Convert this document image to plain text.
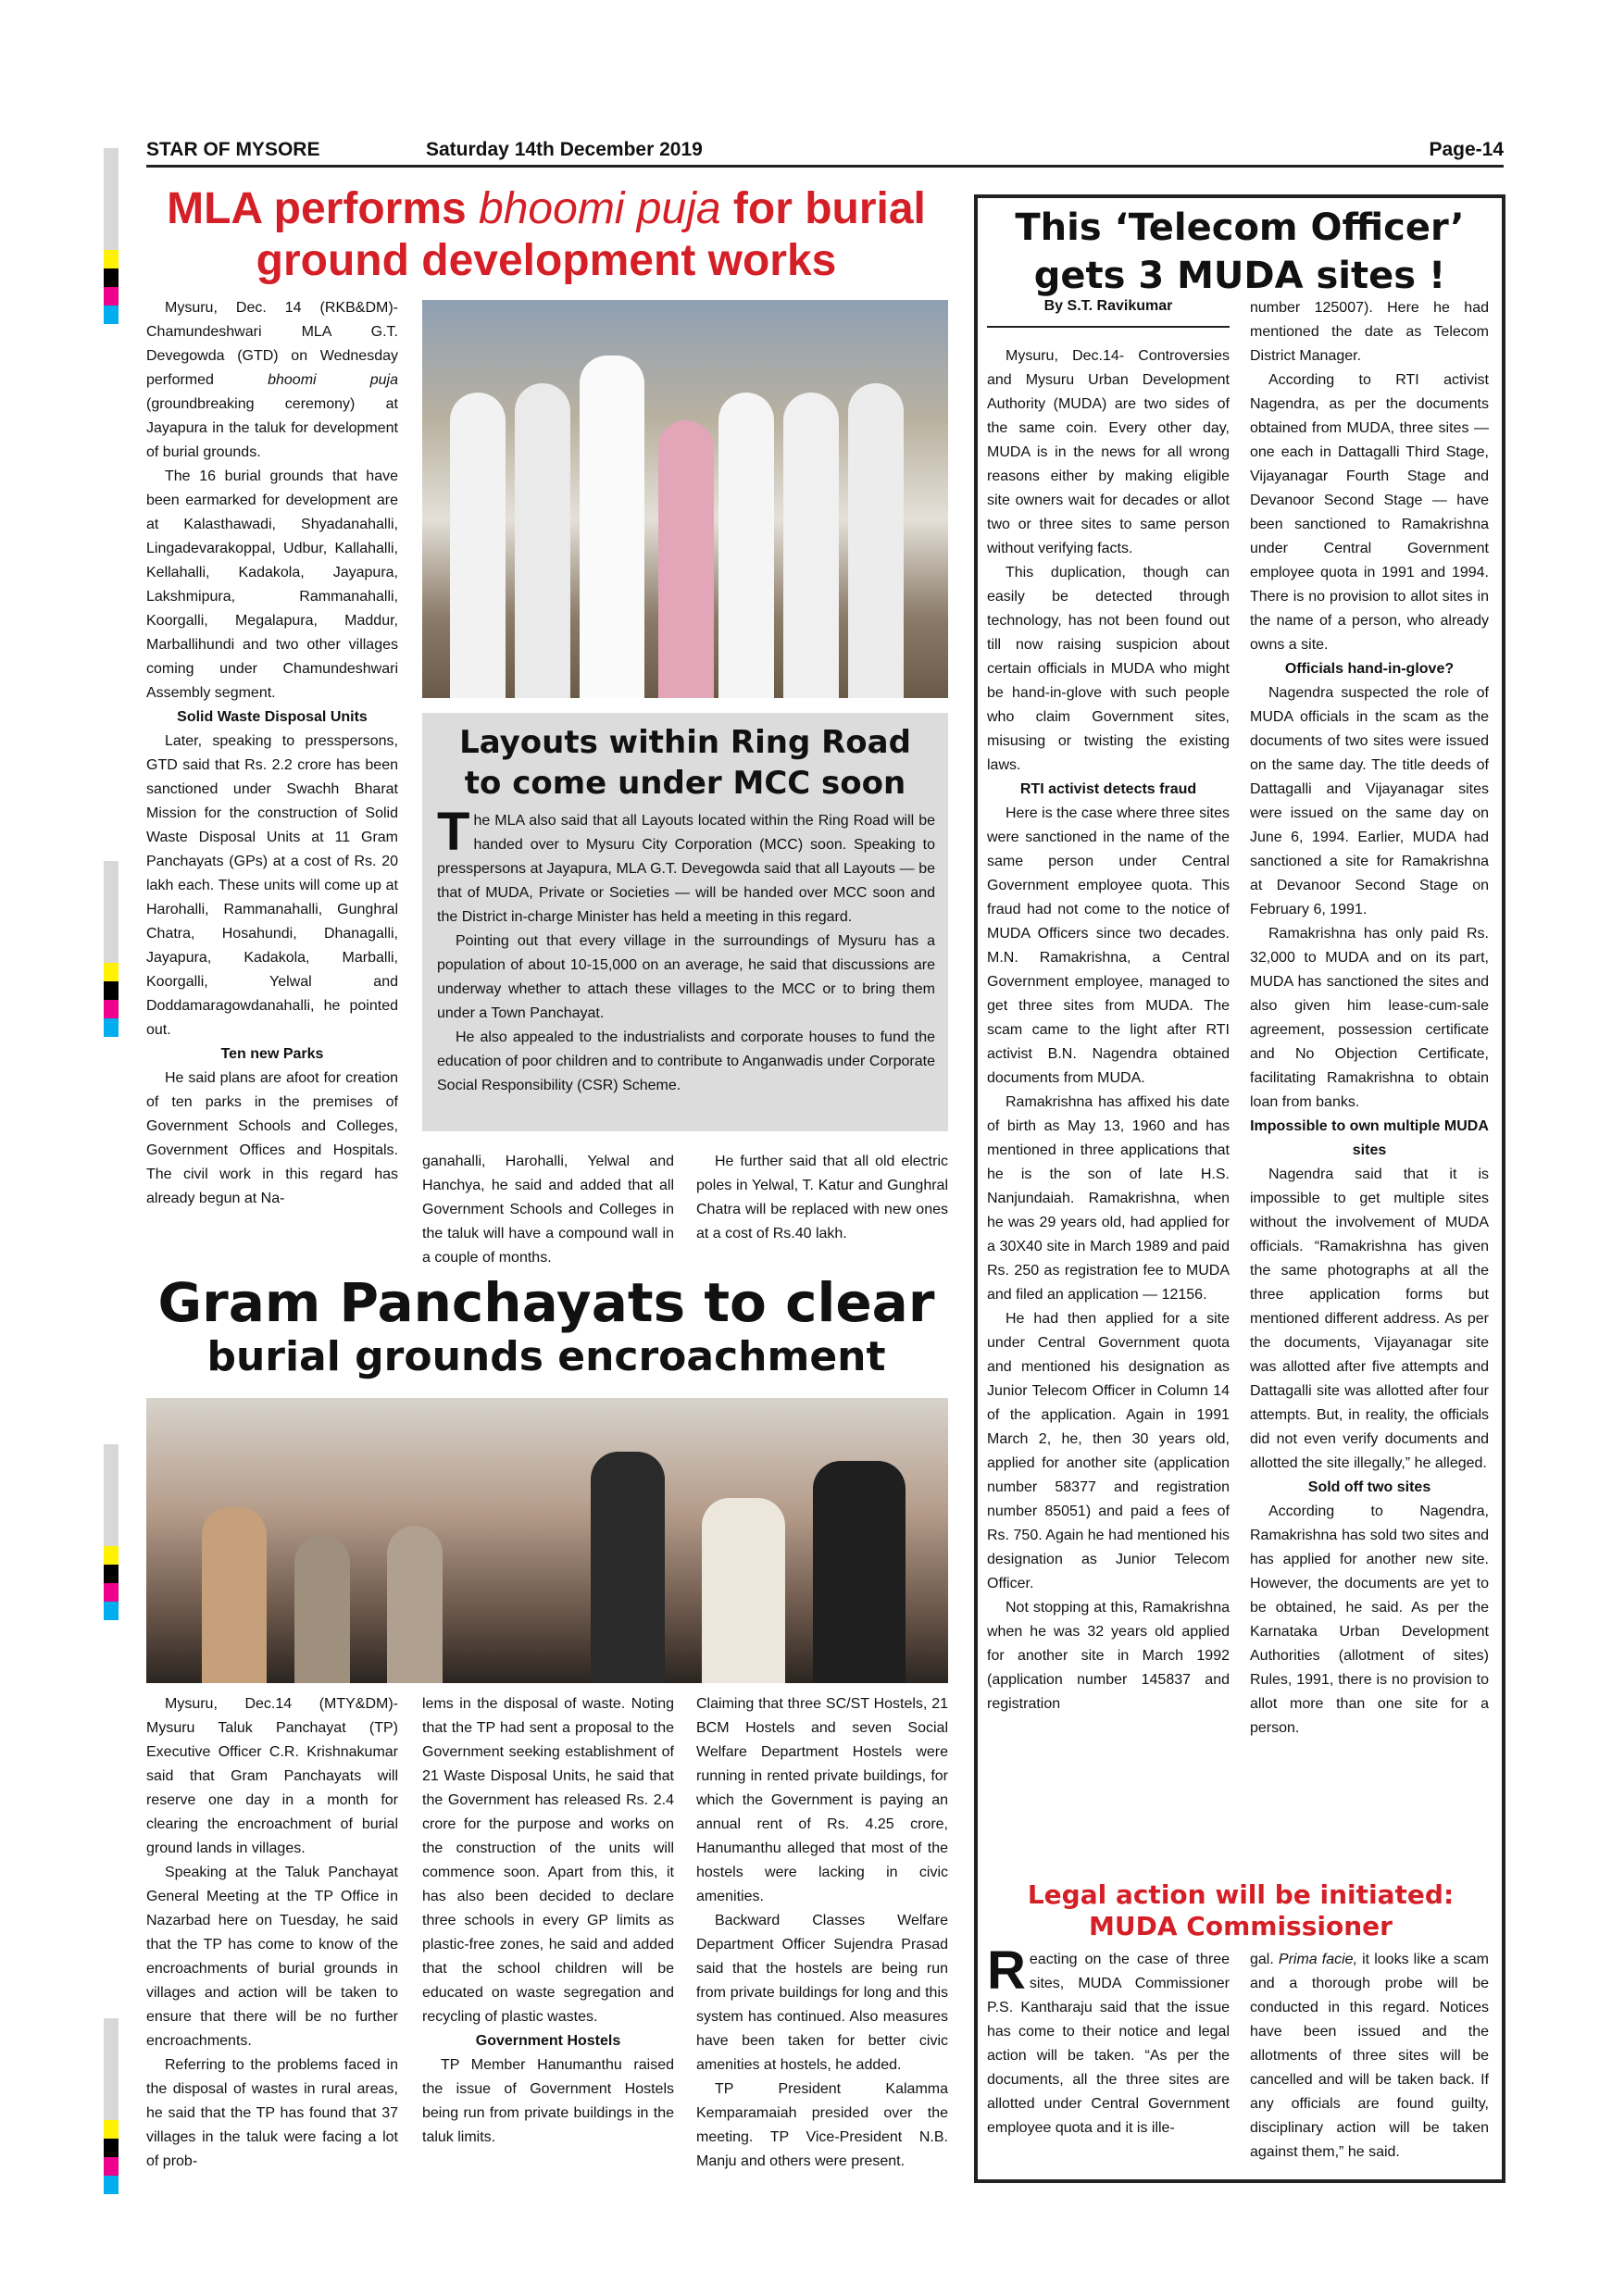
STAR OF MYSORE	Saturday 14th December 2019	Page-14
MLA performs bhoomi puja for burial
ground development works

Mysuru, Dec. 14 (RKB&DM)- Chamundeshwari MLA G.T. Devegowda (GTD) on Wednesday performed bhoomi puja (groundbreaking ceremony) at Jayapura in the taluk for development of burial grounds.

The 16 burial grounds that have been earmarked for development are at Kalasthawadi, Shyadanahalli, Lingadevarakoppal, Udbur, Kallahalli, Kellahalli, Kadakola, Jayapura, Lakshmipura, Rammanahalli, Koorgalli, Megalapura, Maddur, Marballihundi and two other villages coming under Chamundeshwari Assembly segment.

Solid Waste Disposal Units

Later, speaking to presspersons, GTD said that Rs. 2.2 crore has been sanctioned under Swachh Bharat Mission for the construction of Solid Waste Disposal Units at 11 Gram Panchayats (GPs) at a cost of Rs. 20 lakh each. These units will come up at Harohalli, Rammanahalli, Gunghral Chatra, Hosahundi, Dhanagalli, Jayapura, Kadakola, Marballi, Koorgalli, Yelwal and Doddamaragowdanahalli, he pointed out.

Ten new Parks

He said plans are afoot for creation of ten parks in the premises of Government Schools and Colleges, Government Offices and Hospitals. The civil work in this regard has already begun at Na-

Layouts within Ring Road
to come under MCC soon
T he MLA also said that all Layouts located within the Ring Road will be handed over to Mysuru City Corporation (MCC) soon. Speaking to presspersons at Jayapura, MLA G.T. Devegowda said that all Layouts — be that of MUDA, Private or Societies — will be handed over MCC soon and the District in-charge Minister has held a meeting in this regard.

Pointing out that every village in the surroundings of Mysuru has a population of about 10-15,000 on an average, he said that discussions are underway whether to attach these villages to the MCC or to bring them under a Town Panchayat.

He also appealed to the industrialists and corporate houses to fund the education of poor children and to contribute to Anganwadis under Corporate Social Responsibility (CSR) Scheme.

ganahalli, Harohalli, Yelwal and Hanchya, he said and added that all Government Schools and Colleges in the taluk will have a compound wall in a couple of months.

He further said that all old electric poles in Yelwal, T. Katur and Gunghral Chatra will be replaced with new ones at a cost of Rs.40 lakh.

Gram Panchayats to clear
burial grounds encroachment

Mysuru, Dec.14 (MTY&DM)- Mysuru Taluk Panchayat (TP) Executive Officer C.R. Krishnakumar said that Gram Panchayats will reserve one day in a month for clearing the encroachment of burial ground lands in villages.

Speaking at the Taluk Panchayat General Meeting at the TP Office in Nazarbad here on Tuesday, he said that the TP has come to know of the encroachments of burial grounds in villages and action will be taken to ensure that there will be no further encroachments.

Referring to the problems faced in the disposal of wastes in rural areas, he said that the TP has found that 37 villages in the taluk were facing a lot of prob-

lems in the disposal of waste. Noting that the TP had sent a proposal to the Government seeking establishment of 21 Waste Disposal Units, he said that the Government has released Rs. 2.4 crore for the purpose and works on the construction of the units will commence soon. Apart from this, it has also been decided to declare three schools in every GP limits as plastic-free zones, he said and added that the school children will be educated on waste segregation and recycling of plastic wastes.

Government Hostels

TP Member Hanumanthu raised the issue of Government Hostels being run from private buildings in the taluk limits.

Claiming that three SC/ST Hostels, 21 BCM Hostels and seven Social Welfare Department Hostels were running in rented private buildings, for which the Government is paying an annual rent of Rs. 4.25 crore, Hanumanthu alleged that most of the hostels were lacking in civic amenities.

Backward Classes Welfare Department Officer Sujendra Prasad said that the hostels are being run from private buildings for long and this system has continued. Also measures have been taken for better civic amenities at hostels, he added.

TP President Kalamma Kemparamaiah presided over the meeting. TP Vice-President N.B. Manju and others were present.

This ‘Telecom Officer’
gets 3 MUDA sites !
By S.T. Ravikumar

Mysuru, Dec.14- Controversies and Mysuru Urban Development Authority (MUDA) are two sides of the same coin. Every other day, MUDA is in the news for all wrong reasons either by making eligible site owners wait for decades or allot two or three sites to same person without verifying facts.

This duplication, though can easily be detected through technology, has not been found out till now raising suspicion about certain officials in MUDA who might be hand-in-glove with such people who claim Government sites, misusing or twisting the existing laws.

RTI activist detects fraud

Here is the case where three sites were sanctioned in the name of the same person under Central Government employee quota. This fraud had not come to the notice of MUDA Officers since two decades. M.N. Ramakrishna, a Central Government employee, managed to get three sites from MUDA. The scam came to the light after RTI activist B.N. Nagendra obtained documents from MUDA.

Ramakrishna has affixed his date of birth as May 13, 1960 and has mentioned in three applications that he is the son of late H.S. Nanjundaiah. Ramakrishna, when he was 29 years old, had applied for a 30X40 site in March 1989 and paid Rs. 250 as registration fee to MUDA and filed an application — 12156.

He had then applied for a site under Central Government quota and mentioned his designation as Junior Telecom Officer in Column 14 of the application. Again in 1991 March 2, he, then 30 years old, applied for another site (application number 58377 and registration number 85051) and paid a fees of Rs. 750. Again he had mentioned his designation as Junior Telecom Officer.

Not stopping at this, Ramakrishna when he was 32 years old applied for another site in March 1992 (application number 145837 and registration

number 125007). Here he had mentioned the date as Telecom District Manager.

According to RTI activist Nagendra, as per the documents obtained from MUDA, three sites — one each in Dattagalli Third Stage, Vijayanagar Fourth Stage and Devanoor Second Stage — have been sanctioned to Ramakrishna under Central Government employee quota in 1991 and 1994. There is no provision to allot sites in the name of a person, who already owns a site.

Officials hand-in-glove?

Nagendra suspected the role of MUDA officials in the scam as the documents of two sites were issued on the same day. The title deeds of Dattagalli and Vijayanagar sites were issued on the same day on June 6, 1994. Earlier, MUDA had sanctioned a site for Ramakrishna at Devanoor Second Stage on February 6, 1991.

Ramakrishna has only paid Rs. 32,000 to MUDA and on its part, MUDA has sanctioned the sites and also given him lease-cum-sale agreement, possession certificate and No Objection Certificate, facilitating Ramakrishna to obtain loan from banks.

Impossible to own multiple MUDA sites

Nagendra said that it is impossible to get multiple sites without the involvement of MUDA officials. “Ramakrishna has given the same photographs at all the three application forms but mentioned different address. As per the documents, Vijayanagar site was allotted after five attempts and Dattagalli site was allotted after four attempts. But, in reality, the officials did not even verify documents and allotted the site illegally,” he alleged.

Sold off two sites

According to Nagendra, Ramakrishna has sold two sites and has applied for another new site. However, the documents are yet to be obtained, he said. As per the Karnataka Urban Development Authorities (allotment of sites) Rules, 1991, there is no provision to allot more than one site for a person.

Legal action will be initiated:
MUDA Commissioner
R eacting on the case of three sites, MUDA Commissioner P.S. Kantharaju said that the issue has come to their notice and legal action will be taken. “As per the documents, all the three sites are allotted under Central Government employee quota and it is ille-

gal. Prima facie, it looks like a scam and a thorough probe will be conducted in this regard. Notices have been issued and the allotments of three sites will be cancelled and will be taken back. If any officials are found guilty, disciplinary action will be taken against them,” he said.
